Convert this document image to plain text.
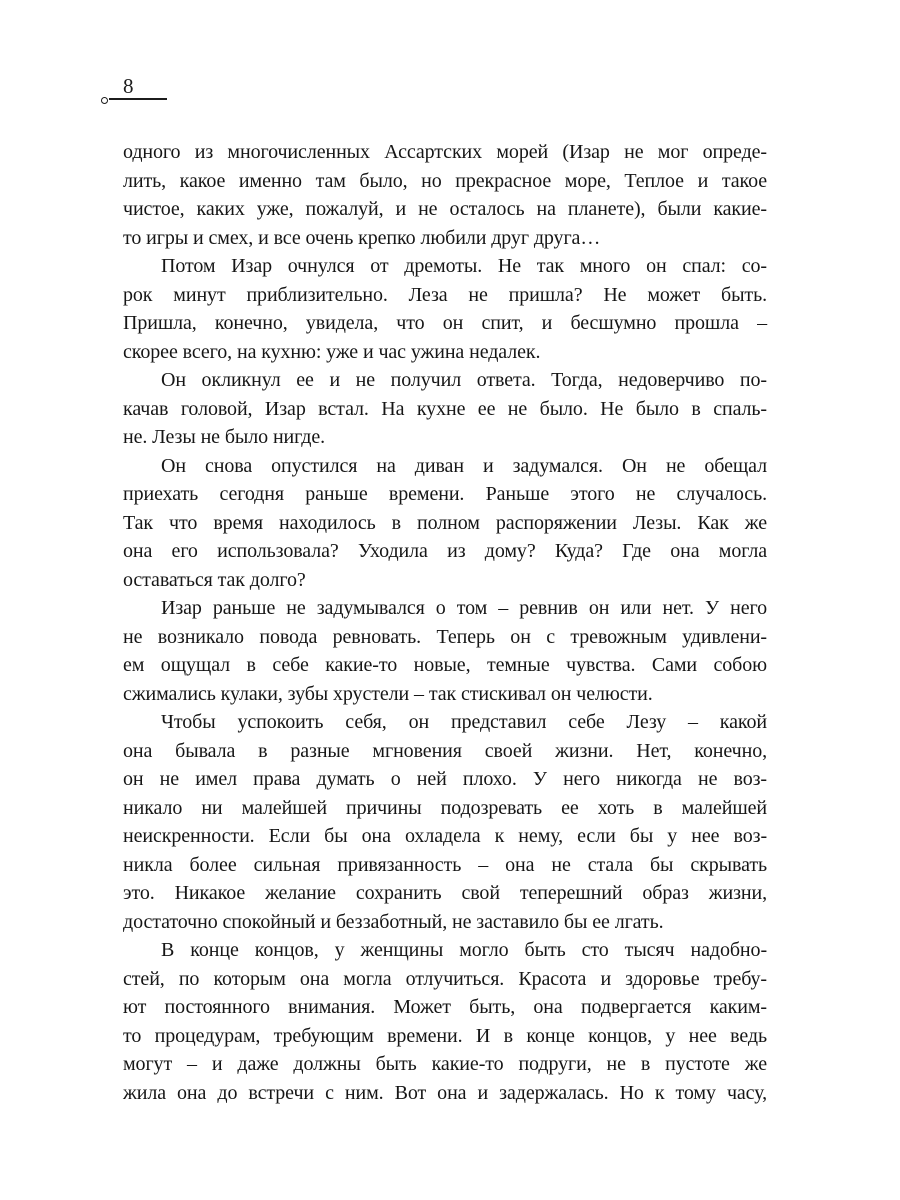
8
одного из многочисленных Ассартских морей (Изар не мог опреде-
лить, какое именно там было, но прекрасное море, Теплое и такое
чистое, каких уже, пожалуй, и не осталось на планете), были какие-
то игры и смех, и все очень крепко любили друг друга…
Потом Изар очнулся от дремоты. Не так много он спал: со-
рок минут приблизительно. Леза не пришла? Не может быть.
Пришла, конечно, увидела, что он спит, и бесшумно прошла –
скорее всего, на кухню: уже и час ужина недалек.
Он окликнул ее и не получил ответа. Тогда, недоверчиво по-
качав головой, Изар встал. На кухне ее не было. Не было в спаль-
не. Лезы не было нигде.
Он снова опустился на диван и задумался. Он не обещал
приехать сегодня раньше времени. Раньше этого не случалось.
Так что время находилось в полном распоряжении Лезы. Как же
она его использовала? Уходила из дому? Куда? Где она могла
оставаться так долго?
Изар раньше не задумывался о том – ревнив он или нет. У него
не возникало повода ревновать. Теперь он с тревожным удивлени-
ем ощущал в себе какие-то новые, темные чувства. Сами собою
сжимались кулаки, зубы хрустели – так стискивал он челюсти.
Чтобы успокоить себя, он представил себе Лезу – какой
она бывала в разные мгновения своей жизни. Нет, конечно,
он не имел права думать о ней плохо. У него никогда не воз-
никало ни малейшей причины подозревать ее хоть в малейшей
неискренности. Если бы она охладела к нему, если бы у нее воз-
никла более сильная привязанность – она не стала бы скрывать
это. Никакое желание сохранить свой теперешний образ жизни,
достаточно спокойный и беззаботный, не заставило бы ее лгать.
В конце концов, у женщины могло быть сто тысяч надобно-
стей, по которым она могла отлучиться. Красота и здоровье требу-
ют постоянного внимания. Может быть, она подвергается каким-
то процедурам, требующим времени. И в конце концов, у нее ведь
могут – и даже должны быть какие-то подруги, не в пустоте же
жила она до встречи с ним. Вот она и задержалась. Но к тому часу,
